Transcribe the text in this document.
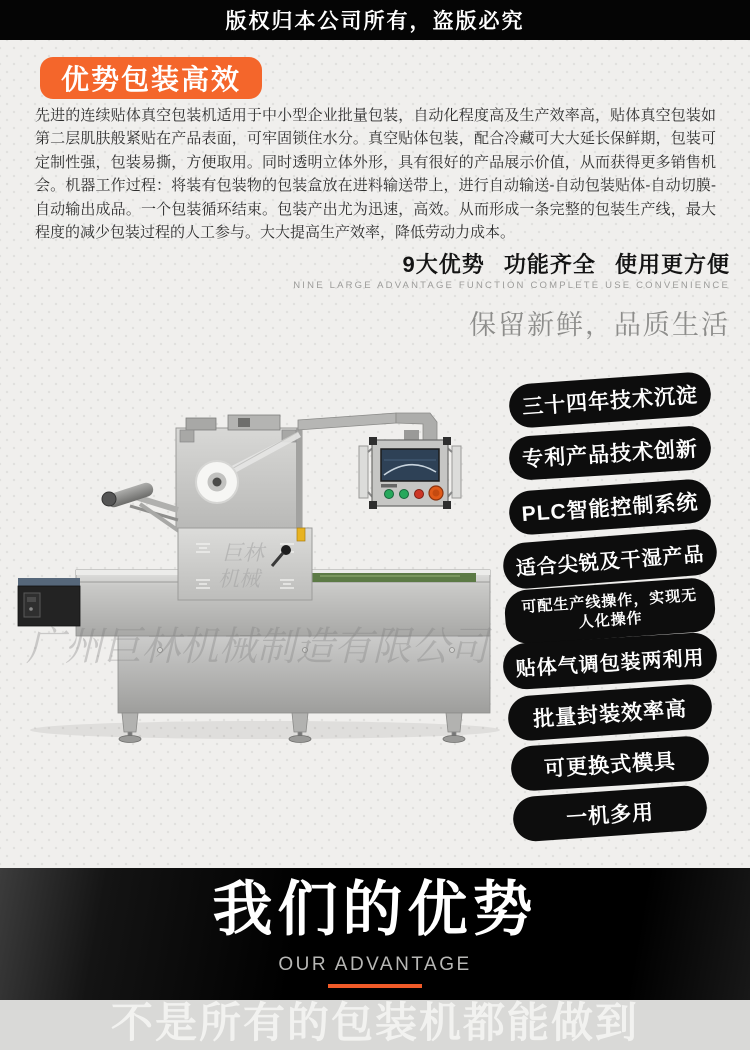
版权归本公司所有，盗版必究
优势包装高效

先进的连续贴体真空包装机适用于中小型企业批量包装，自动化程度高及生产效率高，贴体真空包装如第二层肌肤般紧贴在产品表面，可牢固锁住水分。真空贴体包装，配合冷藏可大大延长保鲜期，包装可定制性强，包装易撕，方便取用。同时透明立体外形，具有很好的产品展示价值，从而获得更多销售机会。机器工作过程：将装有包装物的包装盒放在进料输送带上，进行自动输送-自动包装贴体-自动切膜-自动输出成品。一个包装循环结束。包装产出尤为迅速，高效。从而形成一条完整的包装生产线，最大程度的减少包装过程的人工参与。大大提高生产效率，降低劳动力成本。

9大优势 功能齐全 使用更方便
NINE LARGE ADVANTAGE FUNCTION COMPLETE USE CONVENIENCE
保留新鲜，品质生活
巨林
机械
广州巨林机械制造有限公司
三十四年技术沉淀
专利产品技术创新
PLC智能控制系统
适合尖锐及干湿产品
可配生产线操作，实现无人化操作
贴体气调包装两利用
批量封装效率高
可更换式模具
一机多用
我们的优势
OUR ADVANTAGE
不是所有的包装机都能做到
